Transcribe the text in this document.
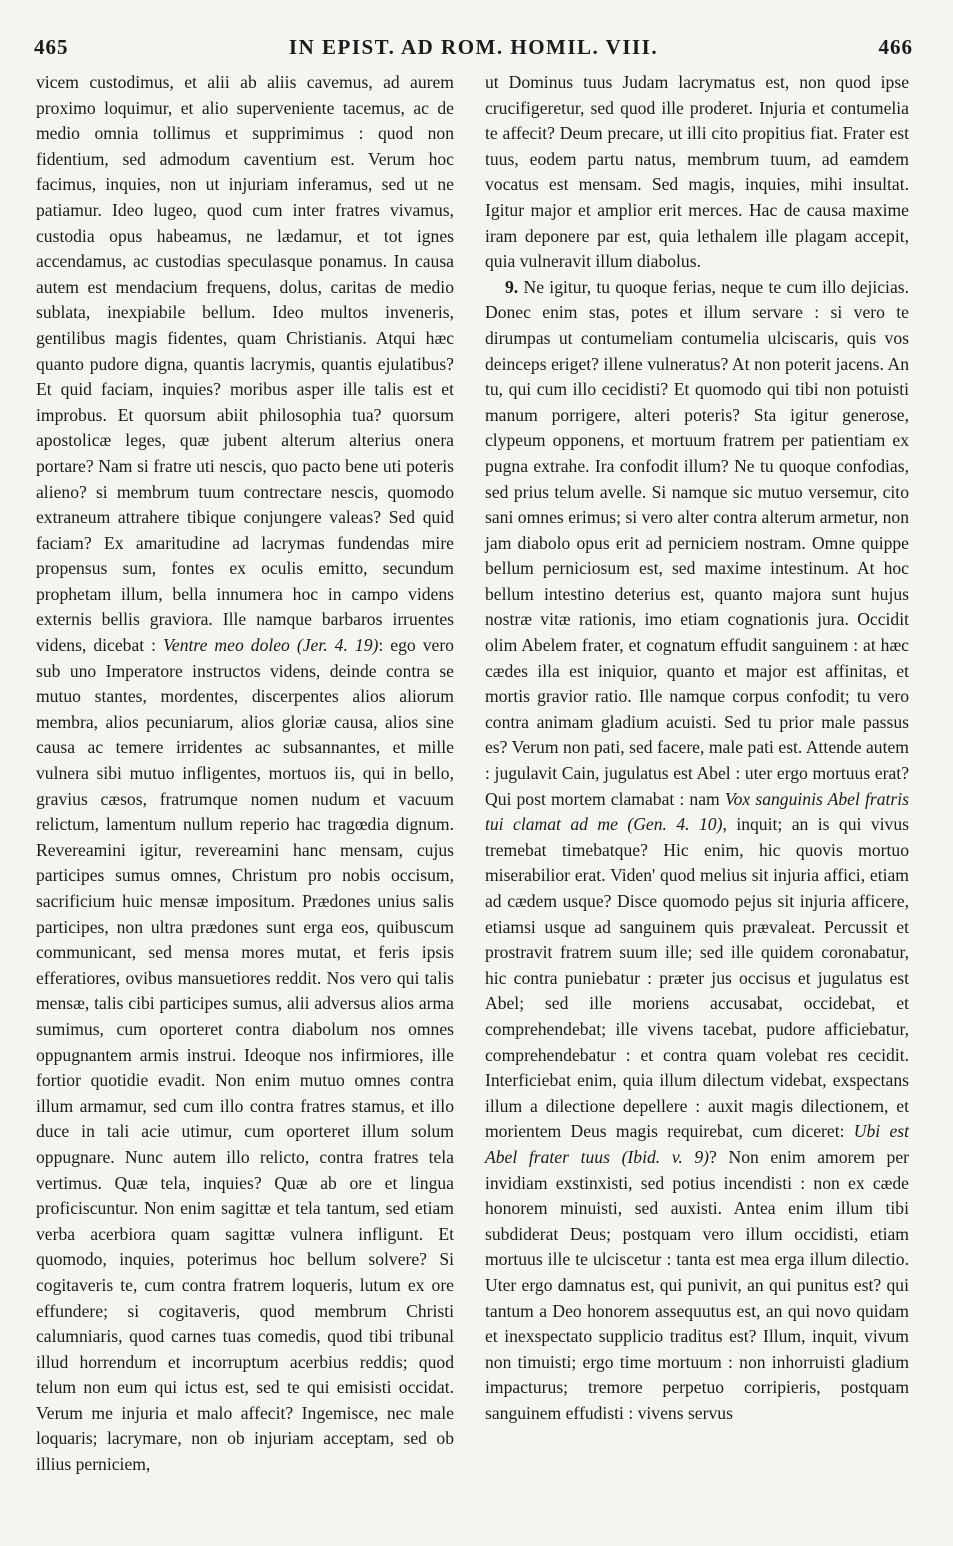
465	IN EPIST. AD ROM. HOMIL. VIII.	466

vicem custodimus, et alii ab aliis cavemus, ad aurem proximo loquimur, et alio superveniente tacemus, ac de medio omnia tollimus et supprimimus : quod non fidentium, sed admodum caventium est. Verum hoc facimus, inquies, non ut injuriam inferamus, sed ut ne patiamur. Ideo lugeo, quod cum inter fratres vivamus, custodia opus habeamus, ne lædamur, et tot ignes accendamus, ac custodias speculasque ponamus. In causa autem est mendacium frequens, dolus, caritas de medio sublata, inexpiabile bellum. Ideo multos inveneris, gentilibus magis fidentes, quam Christianis. Atqui hæc quanto pudore digna, quantis lacrymis, quantis ejulatibus? Et quid faciam, inquies? moribus asper ille talis est et improbus. Et quorsum abiit philosophia tua? quorsum apostolicæ leges, quæ jubent alterum alterius onera portare? Nam si fratre uti nescis, quo pacto bene uti poteris alieno? si membrum tuum contrectare nescis, quomodo extraneum attrahere tibique conjungere valeas? Sed quid faciam? Ex amaritudine ad lacrymas fundendas mire propensus sum, fontes ex oculis emitto, secundum prophetam illum, bella innumera hoc in campo videns externis bellis graviora. Ille namque barbaros irruentes videns, dicebat : Ventre meo doleo (Jer. 4. 19): ego vero sub uno Imperatore instructos videns, deinde contra se mutuo stantes, mordentes, discerpentes alios aliorum membra, alios pecuniarum, alios gloriæ causa, alios sine causa ac temere irridentes ac subsannantes, et mille vulnera sibi mutuo infligentes, mortuos iis, qui in bello, gravius cæsos, fratrumque nomen nudum et vacuum relictum, lamentum nullum reperio hac tragœdia dignum. Revereamini igitur, revereamini hanc mensam, cujus participes sumus omnes, Christum pro nobis occisum, sacrificium huic mensæ impositum. Prædones unius salis participes, non ultra prædones sunt erga eos, quibuscum communicant, sed mensa mores mutat, et feris ipsis efferatiores, ovibus mansuetiores reddit. Nos vero qui talis mensæ, talis cibi participes sumus, alii adversus alios arma sumimus, cum oporteret contra diabolum nos omnes oppugnantem armis instrui. Ideoque nos infirmiores, ille fortior quotidie evadit. Non enim mutuo omnes contra illum armamur, sed cum illo contra fratres stamus, et illo duce in tali acie utimur, cum oporteret illum solum oppugnare. Nunc autem illo relicto, contra fratres tela vertimus. Quæ tela, inquies? Quæ ab ore et lingua proficiscuntur. Non enim sagittæ et tela tantum, sed etiam verba acerbiora quam sagittæ vulnera infligunt. Et quomodo, inquies, poterimus hoc bellum solvere? Si cogitaveris te, cum contra fratrem loqueris, lutum ex ore effundere; si cogitaveris, quod membrum Christi calumniaris, quod carnes tuas comedis, quod tibi tribunal illud horrendum et incorruptum acerbius reddis; quod telum non eum qui ictus est, sed te qui emisisti occidat. Verum me injuria et malo affecit? Ingemisce, nec male loquaris; lacrymare, non ob injuriam acceptam, sed ob illius perniciem,

ut Dominus tuus Judam lacrymatus est, non quod ipse crucifigeretur, sed quod ille proderet. Injuria et contumelia te affecit? Deum precare, ut illi cito propitius fiat. Frater est tuus, eodem partu natus, membrum tuum, ad eamdem vocatus est mensam. Sed magis, inquies, mihi insultat. Igitur major et amplior erit merces. Hac de causa maxime iram deponere par est, quia lethalem ille plagam accepit, quia vulneravit illum diabolus.

9. Ne igitur, tu quoque ferias, neque te cum illo dejicias. Donec enim stas, potes et illum servare : si vero te dirumpas ut contumeliam contumelia ulciscaris, quis vos deinceps eriget? illene vulneratus? At non poterit jacens. An tu, qui cum illo cecidisti? Et quomodo qui tibi non potuisti manum porrigere, alteri poteris? Sta igitur generose, clypeum opponens, et mortuum fratrem per patientiam ex pugna extrahe. Ira confodit illum? Ne tu quoque confodias, sed prius telum avelle. Si namque sic mutuo versemur, cito sani omnes erimus; si vero alter contra alterum armetur, non jam diabolo opus erit ad perniciem nostram. Omne quippe bellum perniciosum est, sed maxime intestinum. At hoc bellum intestino deterius est, quanto majora sunt hujus nostræ vitæ rationis, imo etiam cognationis jura. Occidit olim Abelem frater, et cognatum effudit sanguinem : at hæc cædes illa est iniquior, quanto et major est affinitas, et mortis gravior ratio. Ille namque corpus confodit; tu vero contra animam gladium acuisti. Sed tu prior male passus es? Verum non pati, sed facere, male pati est. Attende autem : jugulavit Cain, jugulatus est Abel : uter ergo mortuus erat? Qui post mortem clamabat : nam Vox sanguinis Abel fratris tui clamat ad me (Gen. 4. 10), inquit; an is qui vivus tremebat timebatque? Hic enim, hic quovis mortuo miserabilior erat. Viden' quod melius sit injuria affici, etiam ad cædem usque? Disce quomodo pejus sit injuria afficere, etiamsi usque ad sanguinem quis prævaleat. Percussit et prostravit fratrem suum ille; sed ille quidem coronabatur, hic contra puniebatur : præter jus occisus et jugulatus est Abel; sed ille moriens accusabat, occidebat, et comprehendebat; ille vivens tacebat, pudore afficiebatur, comprehendebatur : et contra quam volebat res cecidit. Interficiebat enim, quia illum dilectum videbat, exspectans illum a dilectione depellere : auxit magis dilectionem, et morientem Deus magis requirebat, cum diceret: Ubi est Abel frater tuus (Ibid. v. 9)? Non enim amorem per invidiam exstinxisti, sed potius incendisti : non ex cæde honorem minuisti, sed auxisti. Antea enim illum tibi subdiderat Deus; postquam vero illum occidisti, etiam mortuus ille te ulciscetur : tanta est mea erga illum dilectio. Uter ergo damnatus est, qui punivit, an qui punitus est? qui tantum a Deo honorem assequutus est, an qui novo quidam et inexspectato supplicio traditus est? Illum, inquit, vivum non timuisti; ergo time mortuum : non inhorruisti gladium impacturus; tremore perpetuo corripieris, postquam sanguinem effudisti : vivens servus
